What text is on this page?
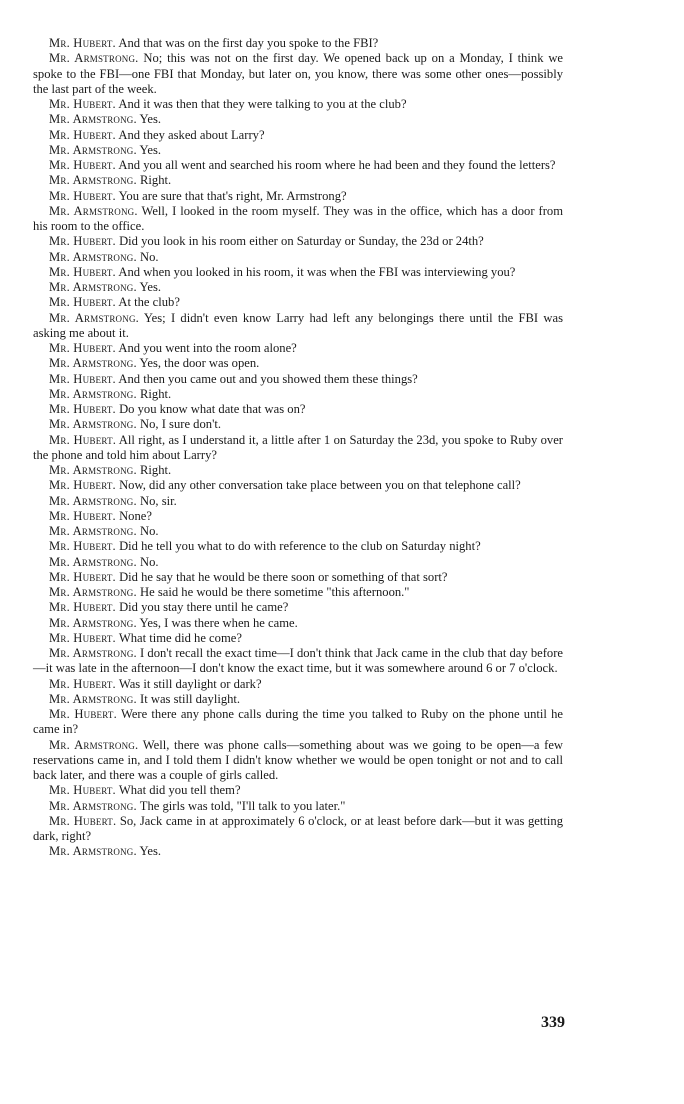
Mr. Hubert. And that was on the first day you spoke to the FBI?

Mr. Armstrong. No; this was not on the first day. We opened back up on a Monday, I think we spoke to the FBI—one FBI that Monday, but later on, you know, there was some other ones—possibly the last part of the week.

Mr. Hubert. And it was then that they were talking to you at the club?

Mr. Armstrong. Yes.

Mr. Hubert. And they asked about Larry?

Mr. Armstrong. Yes.

Mr. Hubert. And you all went and searched his room where he had been and they found the letters?

Mr. Armstrong. Right.

Mr. Hubert. You are sure that that's right, Mr. Armstrong?

Mr. Armstrong. Well, I looked in the room myself. They was in the office, which has a door from his room to the office.

Mr. Hubert. Did you look in his room either on Saturday or Sunday, the 23d or 24th?

Mr. Armstrong. No.

Mr. Hubert. And when you looked in his room, it was when the FBI was interviewing you?

Mr. Armstrong. Yes.

Mr. Hubert. At the club?

Mr. Armstrong. Yes; I didn't even know Larry had left any belongings there until the FBI was asking me about it.

Mr. Hubert. And you went into the room alone?

Mr. Armstrong. Yes, the door was open.

Mr. Hubert. And then you came out and you showed them these things?

Mr. Armstrong. Right.

Mr. Hubert. Do you know what date that was on?

Mr. Armstrong. No, I sure don't.

Mr. Hubert. All right, as I understand it, a little after 1 on Saturday the 23d, you spoke to Ruby over the phone and told him about Larry?

Mr. Armstrong. Right.

Mr. Hubert. Now, did any other conversation take place between you on that telephone call?

Mr. Armstrong. No, sir.

Mr. Hubert. None?

Mr. Armstrong. No.

Mr. Hubert. Did he tell you what to do with reference to the club on Saturday night?

Mr. Armstrong. No.

Mr. Hubert. Did he say that he would be there soon or something of that sort?

Mr. Armstrong. He said he would be there sometime "this afternoon."

Mr. Hubert. Did you stay there until he came?

Mr. Armstrong. Yes, I was there when he came.

Mr. Hubert. What time did he come?

Mr. Armstrong. I don't recall the exact time—I don't think that Jack came in the club that day before—it was late in the afternoon—I don't know the exact time, but it was somewhere around 6 or 7 o'clock.

Mr. Hubert. Was it still daylight or dark?

Mr. Armstrong. It was still daylight.

Mr. Hubert. Were there any phone calls during the time you talked to Ruby on the phone until he came in?

Mr. Armstrong. Well, there was phone calls—something about was we going to be open—a few reservations came in, and I told them I didn't know whether we would be open tonight or not and to call back later, and there was a couple of girls called.

Mr. Hubert. What did you tell them?

Mr. Armstrong. The girls was told, "I'll talk to you later."

Mr. Hubert. So, Jack came in at approximately 6 o'clock, or at least before dark—but it was getting dark, right?

Mr. Armstrong. Yes.

339
